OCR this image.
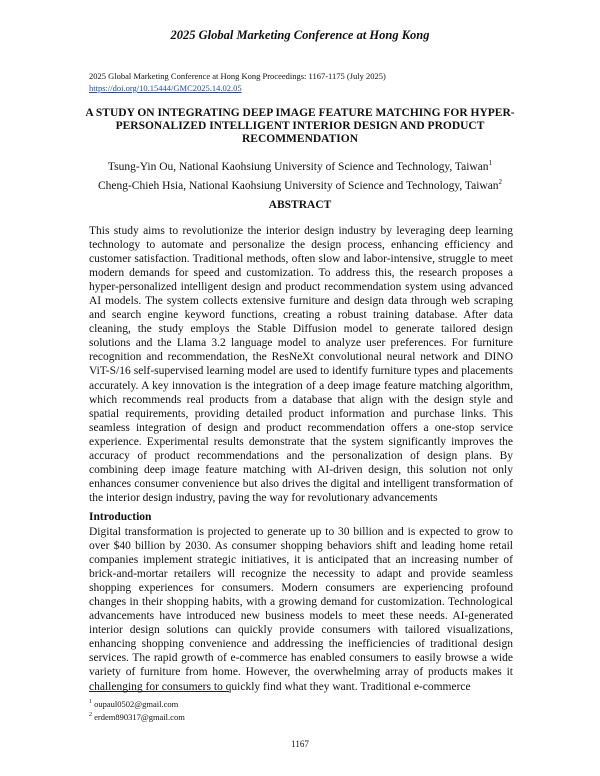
2025 Global Marketing Conference at Hong Kong
2025 Global Marketing Conference at Hong Kong Proceedings: 1167-1175 (July 2025)
https://doi.org/10.15444/GMC2025.14.02.05
A STUDY ON INTEGRATING DEEP IMAGE FEATURE MATCHING FOR HYPER-PERSONALIZED INTELLIGENT INTERIOR DESIGN AND PRODUCT RECOMMENDATION
Tsung-Yin Ou, National Kaohsiung University of Science and Technology, Taiwan$^1$
Cheng-Chieh Hsia, National Kaohsiung University of Science and Technology, Taiwan$^2$
ABSTRACT
This study aims to revolutionize the interior design industry by leveraging deep learning technology to automate and personalize the design process, enhancing efficiency and customer satisfaction. Traditional methods, often slow and labor-intensive, struggle to meet modern demands for speed and customization. To address this, the research proposes a hyper-personalized intelligent design and product recommendation system using advanced AI models. The system collects extensive furniture and design data through web scraping and search engine keyword functions, creating a robust training database. After data cleaning, the study employs the Stable Diffusion model to generate tailored design solutions and the Llama 3.2 language model to analyze user preferences. For furniture recognition and recommendation, the ResNeXt convolutional neural network and DINO ViT-S/16 self-supervised learning model are used to identify furniture types and placements accurately. A key innovation is the integration of a deep image feature matching algorithm, which recommends real products from a database that align with the design style and spatial requirements, providing detailed product information and purchase links. This seamless integration of design and product recommendation offers a one-stop service experience. Experimental results demonstrate that the system significantly improves the accuracy of product recommendations and the personalization of design plans. By combining deep image feature matching with AI-driven design, this solution not only enhances consumer convenience but also drives the digital and intelligent transformation of the interior design industry, paving the way for revolutionary advancements
Introduction
Digital transformation is projected to generate up to 30 billion and is expected to grow to over $40 billion by 2030. As consumer shopping behaviors shift and leading home retail companies implement strategic initiatives, it is anticipated that an increasing number of brick-and-mortar retailers will recognize the necessity to adapt and provide seamless shopping experiences for consumers. Modern consumers are experiencing profound changes in their shopping habits, with a growing demand for customization. Technological advancements have introduced new business models to meet these needs. AI-generated interior design solutions can quickly provide consumers with tailored visualizations, enhancing shopping convenience and addressing the inefficiencies of traditional design services. The rapid growth of e-commerce has enabled consumers to easily browse a wide variety of furniture from home. However, the overwhelming array of products makes it challenging for consumers to quickly find what they want. Traditional e-commerce
$^1$ oupaul0502@gmail.com
$^2$ erdem890317@gmail.com
1167
